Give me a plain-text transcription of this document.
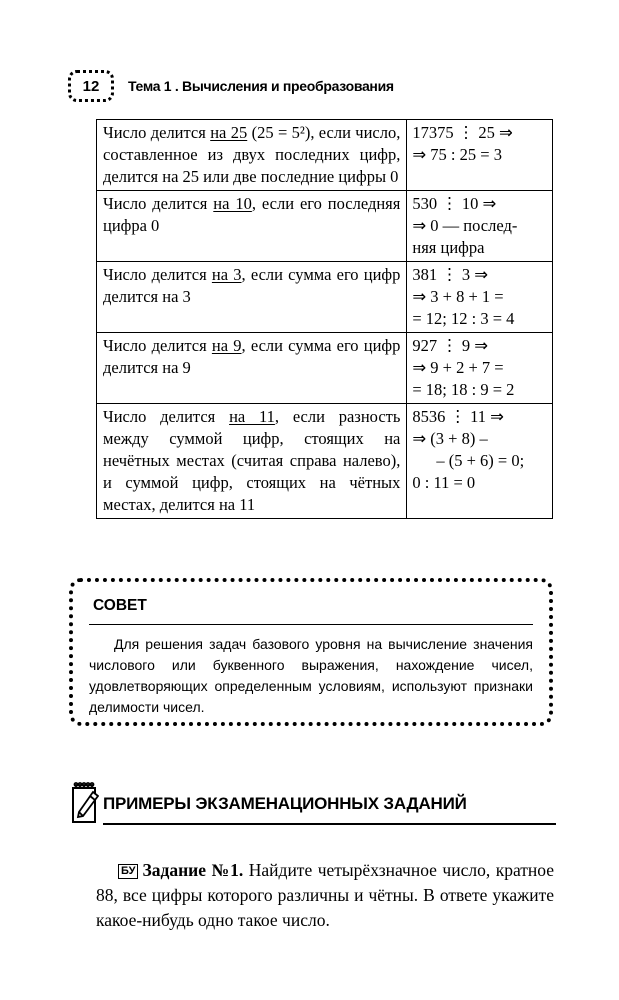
12	Тема 1 . Вычисления и преобразования
Число делится на 25 (25 = 5²), если число, составленное из двух последних цифр, делится на 25 или две последние цифры 0	17375 ⋮ 25 ⇒
⇒ 75 : 25 = 3

Число делится на 10, если его последняя цифра 0	530 ⋮ 10 ⇒
⇒ 0 — послед-
няя цифра

Число делится на 3, если сумма его цифр делится на 3	381 ⋮ 3 ⇒
⇒ 3 + 8 + 1 =
= 12; 12 : 3 = 4

Число делится на 9, если сумма его цифр делится на 9	927 ⋮ 9 ⇒
⇒ 9 + 2 + 7 =
= 18; 18 : 9 = 2

Число делится на 11, если разность между суммой цифр, стоящих на нечётных местах (считая справа налево), и суммой цифр, стоящих на чётных местах, делится на 11	8536 ⋮ 11 ⇒
⇒ (3 + 8) –
– (5 + 6) = 0;
0 : 11 = 0
СОВЕТ
Для решения задач базового уровня на вычисление значения числового или буквенного выражения, нахождение чисел, удовлетворяющих определенным условиям, используют признаки делимости чисел.
ПРИМЕРЫ ЭКЗАМЕНАЦИОННЫХ ЗАДАНИЙ
БУ Задание №1. Найдите четырёхзначное число, кратное 88, все цифры которого различны и чётны. В ответе укажите какое-нибудь одно такое число.
